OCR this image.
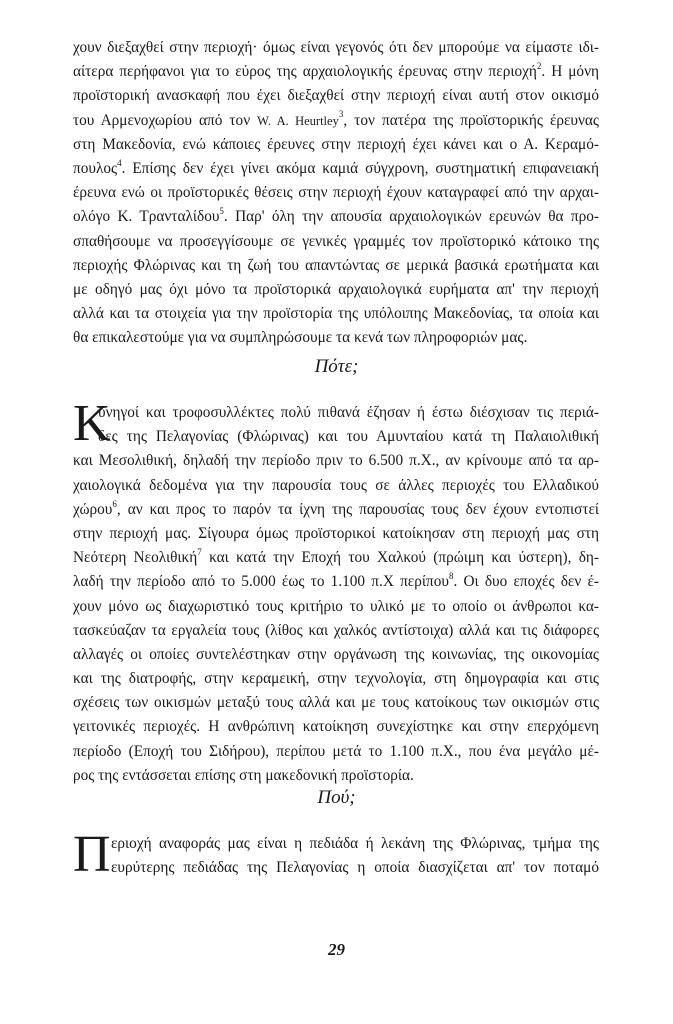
χουν διεξαχθεί στην περιοχή· όμως είναι γεγονός ότι δεν μπορούμε να είμαστε ιδι-
αίτερα περήφανοι για το εύρος της αρχαιολογικής έρευνας στην περιοχή$^2$. Η μόνη
προϊστορική ανασκαφή που έχει διεξαχθεί στην περιοχή είναι αυτή στον οικισμό
του Αρμενοχωρίου από τον W. A. Heurtley$^3$, τον πατέρα της προϊστορικής έρευνας
στη Μακεδονία, ενώ κάποιες έρευνες στην περιοχή έχει κάνει και ο Α. Κεραμό-
πουλος$^4$. Επίσης δεν έχει γίνει ακόμα καμιά σύγχρονη, συστηματική επιφανειακή
έρευνα ενώ οι προϊστορικές θέσεις στην περιοχή έχουν καταγραφεί από την αρχαι-
ολόγο Κ. Τρανταλίδου$^5$. Παρ' όλη την απουσία αρχαιολογικών ερευνών θα προ-
σπαθήσουμε να προσεγγίσουμε σε γενικές γραμμές τον προϊστορικό κάτοικο της
περιοχής Φλώρινας και τη ζωή του απαντώντας σε μερικά βασικά ερωτήματα και
με οδηγό μας όχι μόνο τα προϊστορικά αρχαιολογικά ευρήματα απ' την περιοχή
αλλά και τα στοιχεία για την προϊστορία της υπόλοιπης Μακεδονίας, τα οποία και
θα επικαλεστούμε για να συμπληρώσουμε τα κενά των πληροφοριών μας.
Πότε;
K
υνηγοί και τροφοσυλλέκτες πολύ πιθανά έζησαν ή έστω διέσχισαν τις περιά-
δες της Πελαγονίας (Φλώρινας) και του Αμυνταίου κατά τη Παλαιολιθική
και Μεσολιθική, δηλαδή την περίοδο πριν το 6.500 π.Χ., αν κρίνουμε από τα αρ-
χαιολογικά δεδομένα για την παρουσία τους σε άλλες περιοχές του Ελλαδικού
χώρου$^6$, αν και προς το παρόν τα ίχνη της παρουσίας τους δεν έχουν εντοπιστεί
στην περιοχή μας. Σίγουρα όμως προϊστορικοί κατοίκησαν στη περιοχή μας στη
Νεότερη Νεολιθική$^7$ και κατά την Εποχή του Χαλκού (πρώιμη και ύστερη), δη-
λαδή την περίοδο από το 5.000 έως το 1.100 π.Χ περίπου$^8$. Οι δυο εποχές δεν έ-
χουν μόνο ως διαχωριστικό τους κριτήριο το υλικό με το οποίο οι άνθρωποι κα-
τασκεύαζαν τα εργαλεία τους (λίθος και χαλκός αντίστοιχα) αλλά και τις διάφορες
αλλαγές οι οποίες συντελέστηκαν στην οργάνωση της κοινωνίας, της οικονομίας
και της διατροφής, στην κεραμεική, στην τεχνολογία, στη δημογραφία και στις
σχέσεις των οικισμών μεταξύ τους αλλά και με τους κατοίκους των οικισμών στις
γειτονικές περιοχές. Η ανθρώπινη κατοίκηση συνεχίστηκε και στην επερχόμενη
περίοδο (Εποχή του Σιδήρου), περίπου μετά το 1.100 π.Χ., που ένα μεγάλο μέ-
ρος της εντάσσεται επίσης στη μακεδονική προϊστορία.
Πού;
Π εριοχή αναφοράς μας είναι η πεδιάδα ή λεκάνη της Φλώρινας, τμήμα της
ευρύτερης πεδιάδας της Πελαγονίας η οποία διασχίζεται απ' τον ποταμό
29
